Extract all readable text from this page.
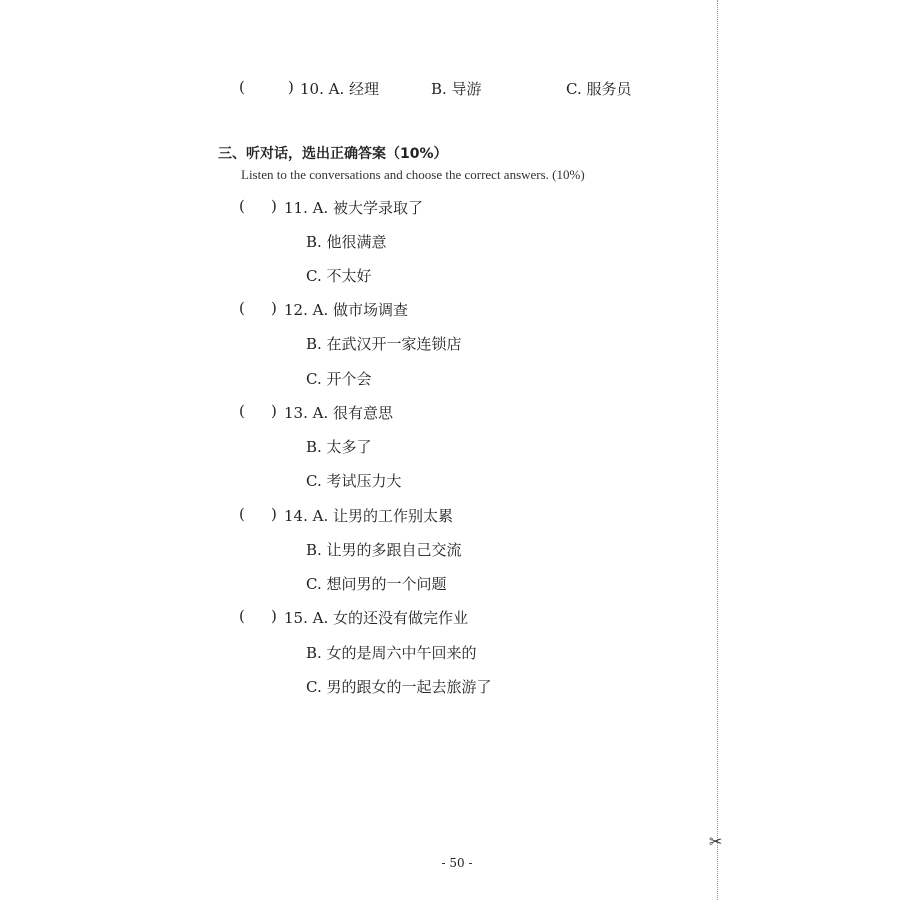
✂
(	) 10. A. 经理	B. 导游	C. 服务员
三、听对话，选出正确答案（10%）
Listen to the conversations and choose the correct answers. (10%)
( ) 11. A. 被大学录取了
B. 他很满意
C. 不太好
( ) 12. A. 做市场调查
B. 在武汉开一家连锁店
C. 开个会
( ) 13. A. 很有意思
B. 太多了
C. 考试压力大
( ) 14. A. 让男的工作别太累
B. 让男的多跟自己交流
C. 想问男的一个问题
( ) 15. A. 女的还没有做完作业
B. 女的是周六中午回来的
C. 男的跟女的一起去旅游了
- 50 -
